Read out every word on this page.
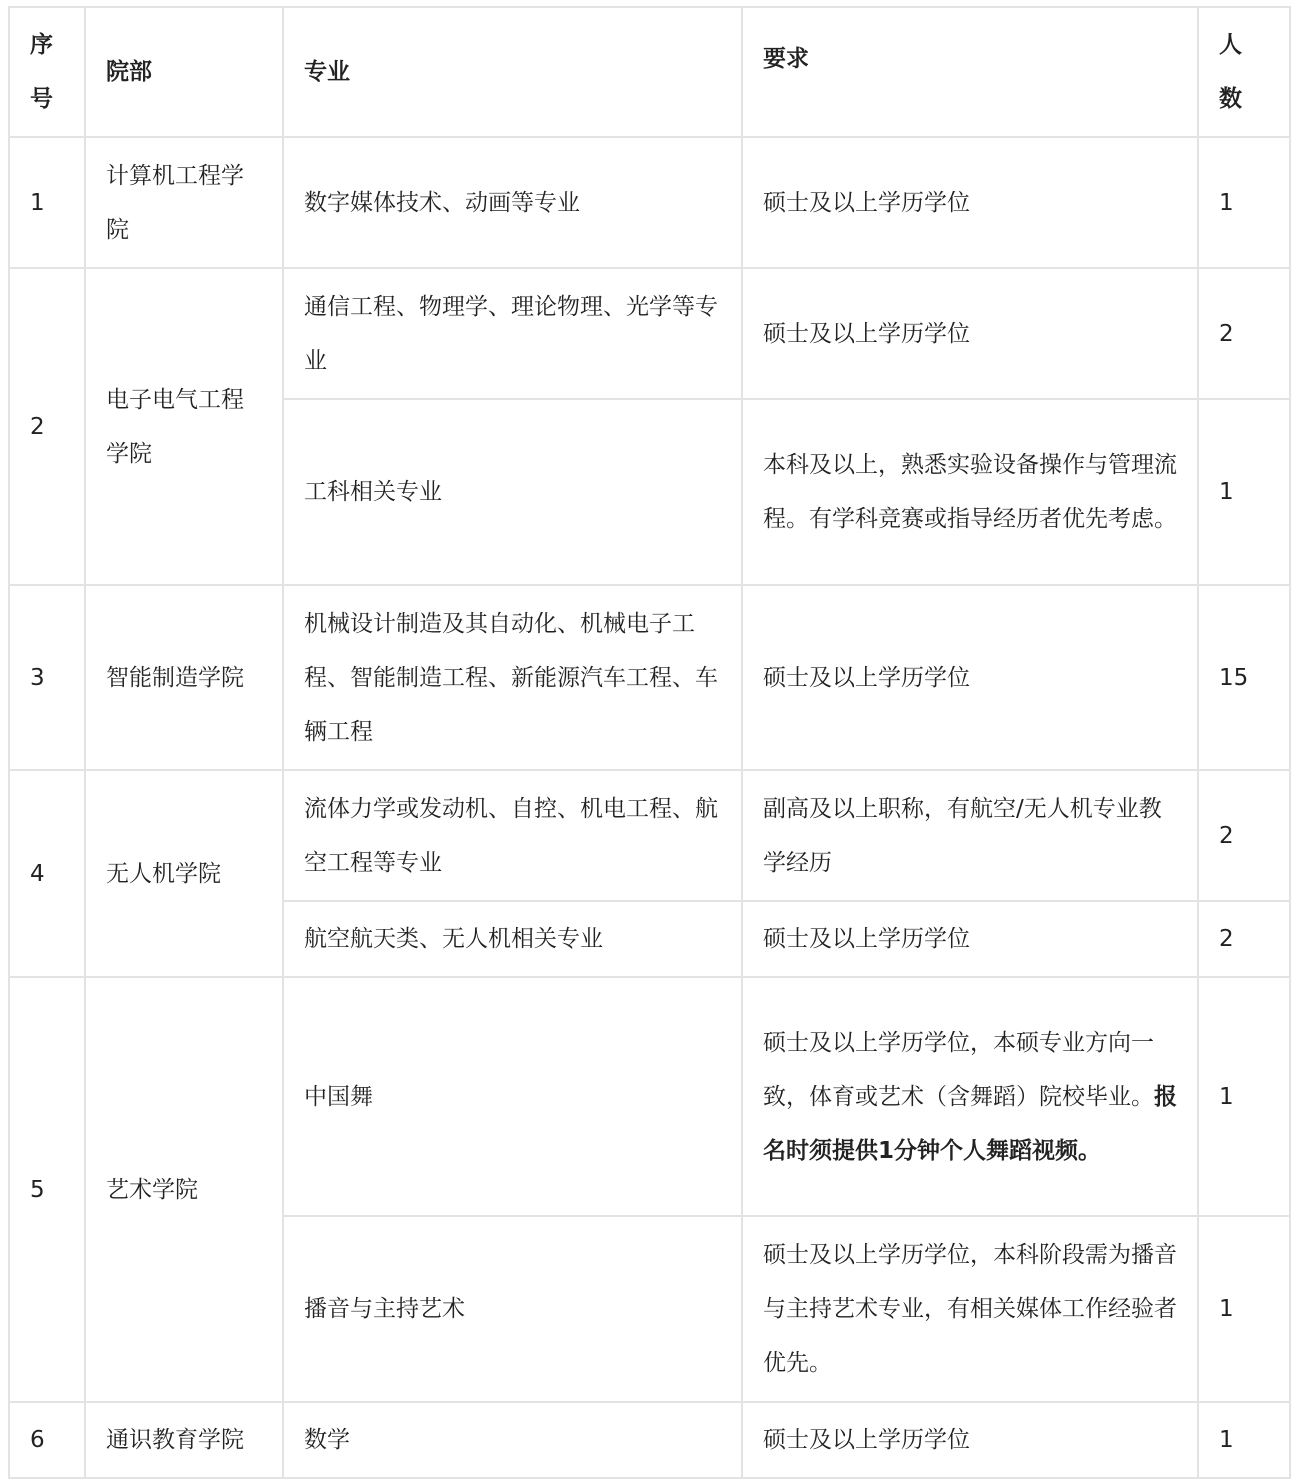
序号	院部	专业	要求	人数
1	计算机工程学院	数字媒体技术、动画等专业	硕士及以上学历学位	1
2	电子电气工程学院	通信工程、物理学、理论物理、光学等专业	硕士及以上学历学位	2
		工科相关专业	本科及以上，熟悉实验设备操作与管理流程。有学科竞赛或指导经历者优先考虑。	1
3	智能制造学院	机械设计制造及其自动化、机械电子工程、智能制造工程、新能源汽车工程、车辆工程	硕士及以上学历学位	15
4	无人机学院	流体力学或发动机、自控、机电工程、航空工程等专业	副高及以上职称，有航空/无人机专业教学经历	2
		航空航天类、无人机相关专业	硕士及以上学历学位	2
5	艺术学院	中国舞	硕士及以上学历学位，本硕专业方向一致，体育或艺术（含舞蹈）院校毕业。报名时须提供1分钟个人舞蹈视频。	1
		播音与主持艺术	硕士及以上学历学位，本科阶段需为播音与主持艺术专业，有相关媒体工作经验者优先。	1
6	通识教育学院	数学	硕士及以上学历学位	1
